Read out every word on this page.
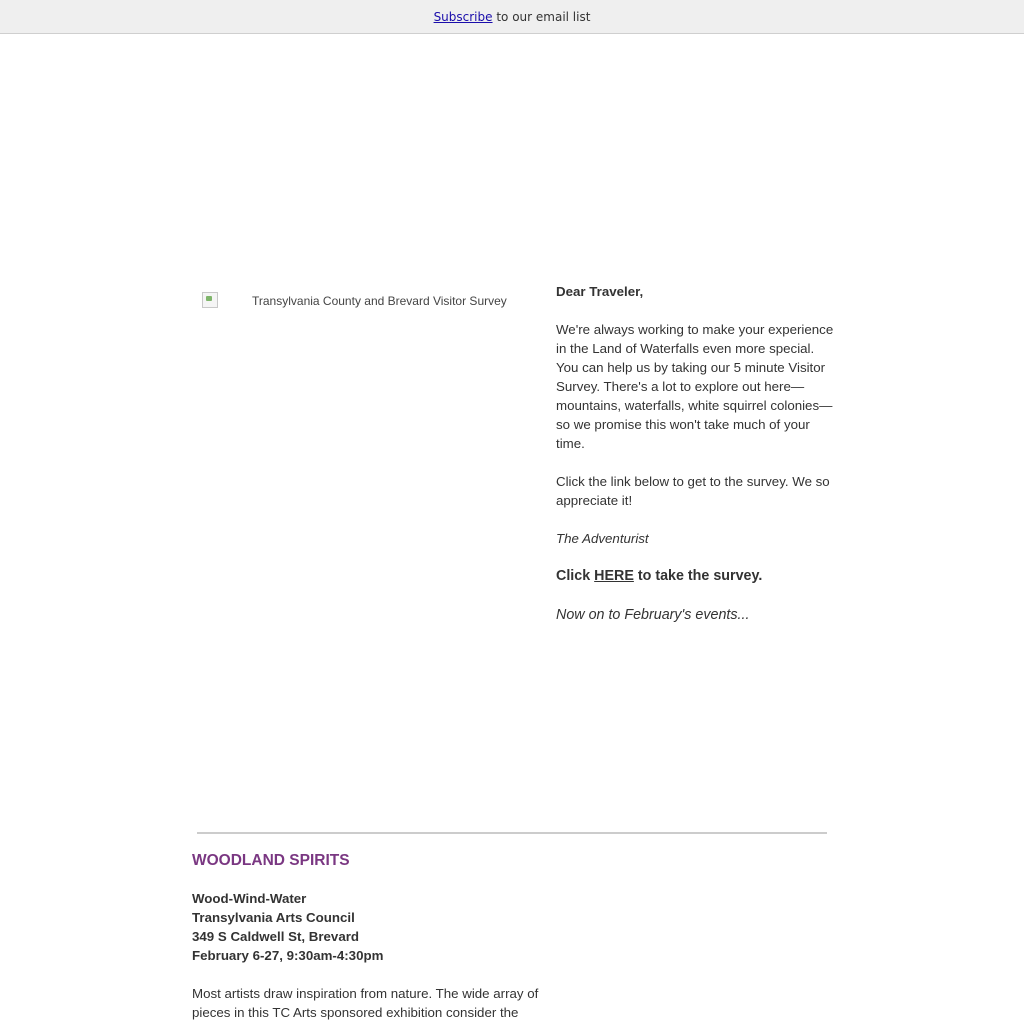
Subscribe to our email list
Transylvania County and Brevard Visitor Survey

Dear Traveler,

We're always working to make your experience in the Land of Waterfalls even more special. You can help us by taking our 5 minute Visitor Survey. There's a lot to explore out here—mountains, waterfalls, white squirrel colonies—so we promise this won't take much of your time.

Click the link below to get to the survey. We so appreciate it!

The Adventurist

Click HERE to take the survey.

Now on to February's events...

WOODLAND SPIRITS
Wood-Wind-Water
Transylvania Arts Council
349 S Caldwell St, Brevard
February 6-27, 9:30am-4:30pm

Most artists draw inspiration from nature. The wide array of pieces in this TC Arts sponsored exhibition consider the
